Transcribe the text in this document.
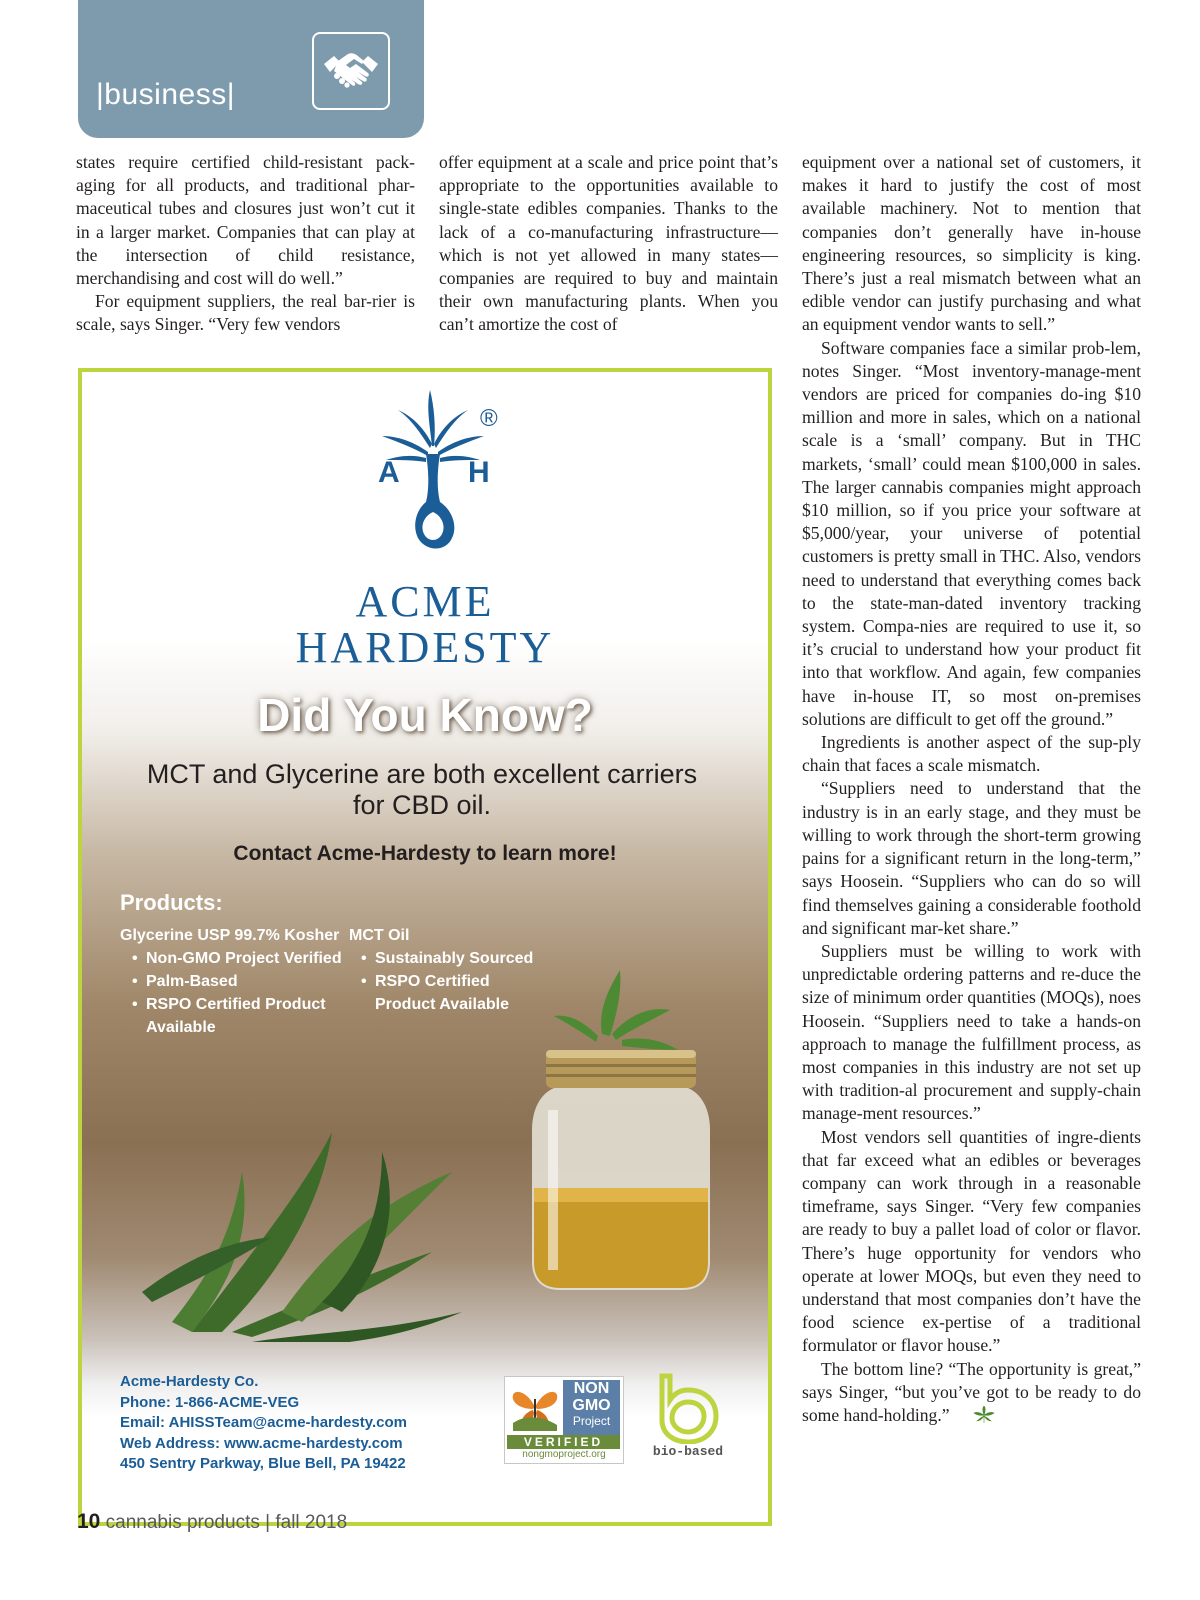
|business|

states require certified child-resistant pack-aging for all products, and traditional phar-maceutical tubes and closures just won’t cut it in a larger market. Companies that can play at the intersection of child resistance, merchandising and cost will do well.”

For equipment suppliers, the real bar-rier is scale, says Singer. “Very few vendors

offer equipment at a scale and price point that’s appropriate to the opportunities available to single-state edibles companies. Thanks to the lack of a co-manufacturing infrastructure—which is not yet allowed in many states—companies are required to buy and maintain their own manufacturing plants. When you can’t amortize the cost of

equipment over a national set of customers, it makes it hard to justify the cost of most available machinery. Not to mention that companies don’t generally have in-house engineering resources, so simplicity is king. There’s just a real mismatch between what an edible vendor can justify purchasing and what an equipment vendor wants to sell.”

Software companies face a similar prob-lem, notes Singer. “Most inventory-manage-ment vendors are priced for companies do-ing $10 million and more in sales, which on a national scale is a ‘small’ company. But in THC markets, ‘small’ could mean $100,000 in sales. The larger cannabis companies might approach $10 million, so if you price your software at $5,000/year, your universe of potential customers is pretty small in THC. Also, vendors need to understand that everything comes back to the state-man-dated inventory tracking system. Compa-nies are required to use it, so it’s crucial to understand how your product fit into that workflow. And again, few companies have in-house IT, so most on-premises solutions are difficult to get off the ground.”

Ingredients is another aspect of the sup-ply chain that faces a scale mismatch.

“Suppliers need to understand that the industry is in an early stage, and they must be willing to work through the short-term growing pains for a significant return in the long-term,” says Hoosein. “Suppliers who can do so will find themselves gaining a considerable foothold and significant mar-ket share.”

Suppliers must be willing to work with unpredictable ordering patterns and re-duce the size of minimum order quantities (MOQs), noes Hoosein. “Suppliers need to take a hands-on approach to manage the fulfillment process, as most companies in this industry are not set up with tradition-al procurement and supply-chain manage-ment resources.”

Most vendors sell quantities of ingre-dients that far exceed what an edibles or beverages company can work through in a reasonable timeframe, says Singer. “Very few companies are ready to buy a pallet load of color or flavor. There’s huge opportunity for vendors who operate at lower MOQs, but even they need to understand that most companies don’t have the food science ex-pertise of a traditional formulator or flavor house.”

The bottom line? “The opportunity is great,” says Singer, “but you’ve got to be ready to do some hand-holding.”

A H
®
ACME
HARDESTY
Did You Know?
MCT and Glycerine are both excellent carriers for CBD oil.
Contact Acme-Hardesty to learn more!
Products:
Glycerine USP 99.7% Kosher
• Non-GMO Project Verified
• Palm-Based
• RSPO Certified Product Available
MCT Oil
• Sustainably Sourced
• RSPO Certified Product Available
Acme-Hardesty Co.
Phone: 1-866-ACME-VEG
Email: AHISSTeam@acme-hardesty.com
Web Address: www.acme-hardesty.com
450 Sentry Parkway, Blue Bell, PA 19422
NON
GMO
Project
VERIFIED
nongmoproject.org	bio-based
10 cannabis products | fall 2018
